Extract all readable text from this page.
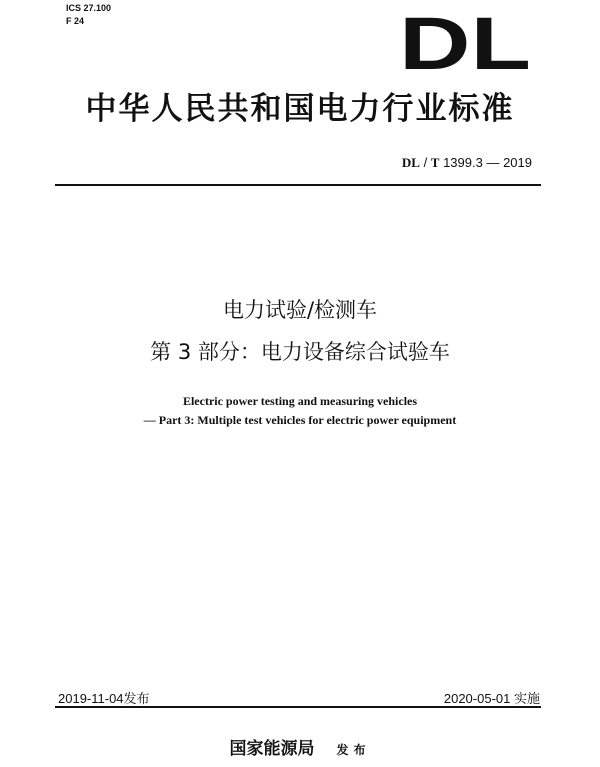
ICS 27.100
F 24	DL
中华人民共和国电力行业标准
DL / T 1399.3 — 2019
电力试验/检测车
第 3 部分：电力设备综合试验车
Electric power testing and measuring vehicles
— Part 3: Multiple test vehicles for electric power equipment
2019-11-04发布	2020-05-01 实施
国家能源局 发布
